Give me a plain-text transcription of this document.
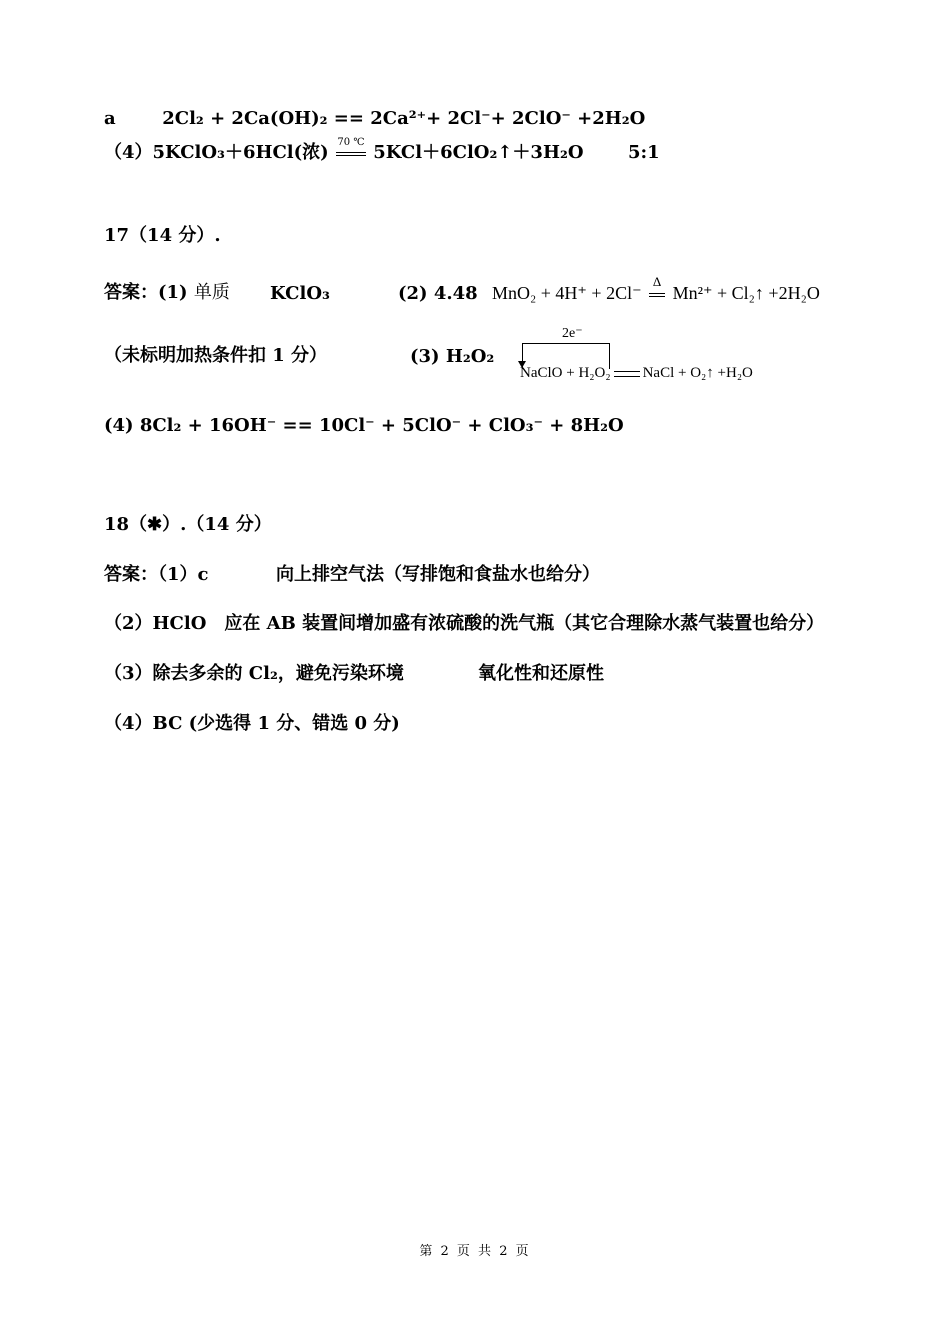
a	2Cl₂ + 2Ca(OH)₂ == 2Ca²⁺+ 2Cl⁻+ 2ClO⁻ +2H₂O
（4）5KClO₃＋6HCl(浓) 70 ℃ 5KCl＋6ClO₂↑＋3H₂O 5:1
17（14 分）.
答案：(1) 单质 KClO₃	(2) 4.48 MnO₂ + 4H⁺ + 2Cl⁻
Δ
Mn²⁺ + Cl₂↑ +2H₂O
（未标明加热条件扣 1 分）	(3) H₂O₂
2e⁻
NaClO + H₂O₂ NaCl + O₂↑ +H₂O
(4) 8Cl₂ + 16OH⁻ == 10Cl⁻ + 5ClO⁻ + ClO₃⁻ + 8H₂O
18（✱）.（14 分）
答案：（1）c	向上排空气法（写排饱和食盐水也给分）
（2）HClO　应在 AB 装置间增加盛有浓硫酸的洗气瓶（其它合理除水蒸气装置也给分）
（3）除去多余的 Cl₂，避免污染环境	氧化性和还原性
（4）BC (少选得 1 分、错选 0 分)
第 2 页 共 2 页
